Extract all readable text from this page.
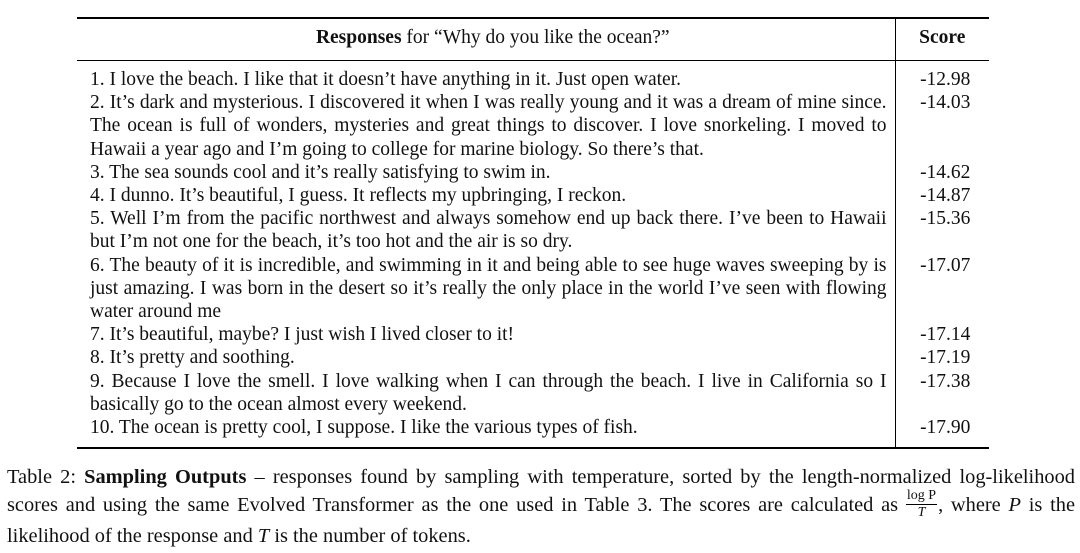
Responses for “Why do you like the ocean?”	Score
1. I love the beach. I like that it doesn’t have anything in it. Just open water.	-12.98
2. It’s dark and mysterious. I discovered it when I was really young and it was a dream of mine since. The ocean is full of wonders, mysteries and great things to discover. I love snorkeling. I moved to Hawaii a year ago and I’m going to college for marine biology. So there’s that.	-14.03
3. The sea sounds cool and it’s really satisfying to swim in.	-14.62
4. I dunno. It’s beautiful, I guess. It reflects my upbringing, I reckon.	-14.87
5. Well I’m from the pacific northwest and always somehow end up back there. I’ve been to Hawaii but I’m not one for the beach, it’s too hot and the air is so dry.	-15.36
6. The beauty of it is incredible, and swimming in it and being able to see huge waves sweeping by is just amazing. I was born in the desert so it’s really the only place in the world I’ve seen with flowing water around me	-17.07
7. It’s beautiful, maybe? I just wish I lived closer to it!	-17.14
8. It’s pretty and soothing.	-17.19
9. Because I love the smell. I love walking when I can through the beach. I live in California so I basically go to the ocean almost every weekend.	-17.38
10. The ocean is pretty cool, I suppose. I like the various types of fish.	-17.90
Table 2: Sampling Outputs – responses found by sampling with temperature, sorted by the length-normalized log-likelihood scores and using the same Evolved Transformer as the one used in Table 3. The scores are calculated as $\frac{\text{log P}}{T}$ , where P is the likelihood of the response and T is the number of tokens.
